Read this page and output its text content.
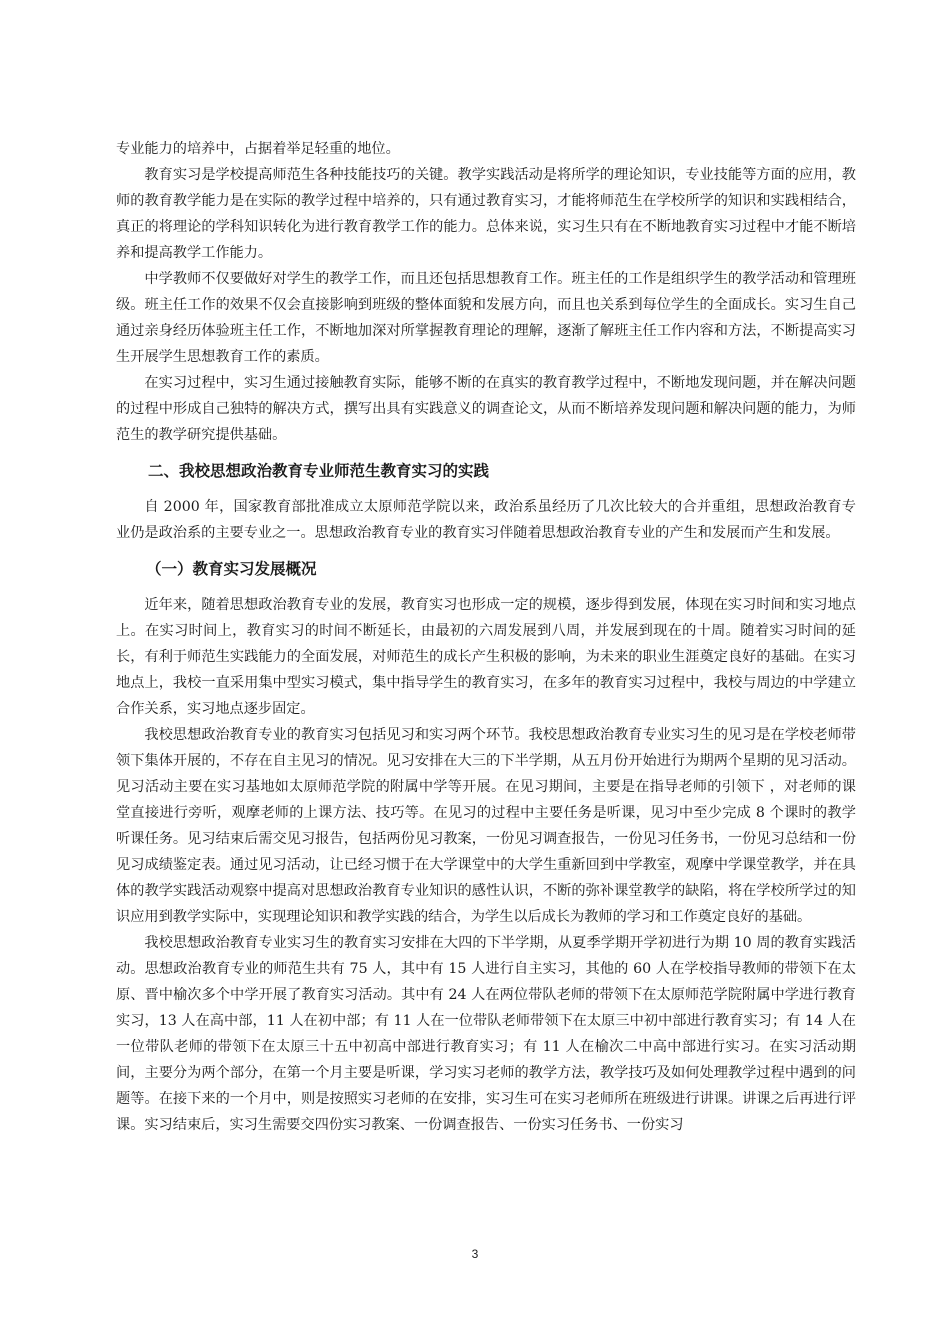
专业能力的培养中，占据着举足轻重的地位。

教育实习是学校提高师范生各种技能技巧的关键。教学实践活动是将所学的理论知识，专业技能等方面的应用，教师的教育教学能力是在实际的教学过程中培养的，只有通过教育实习，才能将师范生在学校所学的知识和实践相结合，真正的将理论的学科知识转化为进行教育教学工作的能力。总体来说，实习生只有在不断地教育实习过程中才能不断培养和提高教学工作能力。

中学教师不仅要做好对学生的教学工作，而且还包括思想教育工作。班主任的工作是组织学生的教学活动和管理班级。班主任工作的效果不仅会直接影响到班级的整体面貌和发展方向，而且也关系到每位学生的全面成长。实习生自己通过亲身经历体验班主任工作，不断地加深对所掌握教育理论的理解，逐渐了解班主任工作内容和方法，不断提高实习生开展学生思想教育工作的素质。

在实习过程中，实习生通过接触教育实际，能够不断的在真实的教育教学过程中，不断地发现问题，并在解决问题的过程中形成自己独特的解决方式，撰写出具有实践意义的调查论文，从而不断培养发现问题和解决问题的能力，为师范生的教学研究提供基础。

二、我校思想政治教育专业师范生教育实习的实践

自 2000 年，国家教育部批准成立太原师范学院以来，政治系虽经历了几次比较大的合并重组，思想政治教育专业仍是政治系的主要专业之一。思想政治教育专业的教育实习伴随着思想政治教育专业的产生和发展而产生和发展。

（一）教育实习发展概况

近年来，随着思想政治教育专业的发展，教育实习也形成一定的规模，逐步得到发展，体现在实习时间和实习地点上。在实习时间上，教育实习的时间不断延长，由最初的六周发展到八周，并发展到现在的十周。随着实习时间的延长，有利于师范生实践能力的全面发展，对师范生的成长产生积极的影响，为未来的职业生涯奠定良好的基础。在实习地点上，我校一直采用集中型实习模式，集中指导学生的教育实习，在多年的教育实习过程中，我校与周边的中学建立合作关系，实习地点逐步固定。

我校思想政治教育专业的教育实习包括见习和实习两个环节。我校思想政治教育专业实习生的见习是在学校老师带领下集体开展的，不存在自主见习的情况。见习安排在大三的下半学期，从五月份开始进行为期两个星期的见习活动。见习活动主要在实习基地如太原师范学院的附属中学等开展。在见习期间，主要是在指导老师的引领下 ，对老师的课堂直接进行旁听，观摩老师的上课方法、技巧等。在见习的过程中主要任务是听课，见习中至少完成 8 个课时的教学听课任务。见习结束后需交见习报告，包括两份见习教案，一份见习调查报告，一份见习任务书，一份见习总结和一份见习成绩鉴定表。通过见习活动，让已经习惯于在大学课堂中的大学生重新回到中学教室，观摩中学课堂教学，并在具体的教学实践活动观察中提高对思想政治教育专业知识的感性认识，不断的弥补课堂教学的缺陷，将在学校所学过的知识应用到教学实际中，实现理论知识和教学实践的结合，为学生以后成长为教师的学习和工作奠定良好的基础。

我校思想政治教育专业实习生的教育实习安排在大四的下半学期，从夏季学期开学初进行为期 10 周的教育实践活动。思想政治教育专业的师范生共有 75 人，其中有 15 人进行自主实习，其他的 60 人在学校指导教师的带领下在太原、晋中榆次多个中学开展了教育实习活动。其中有 24 人在两位带队老师的带领下在太原师范学院附属中学进行教育实习，13 人在高中部，11 人在初中部；有 11 人在一位带队老师带领下在太原三中初中部进行教育实习；有 14 人在一位带队老师的带领下在太原三十五中初高中部进行教育实习；有 11 人在榆次二中高中部进行实习。在实习活动期间，主要分为两个部分，在第一个月主要是听课，学习实习老师的教学方法，教学技巧及如何处理教学过程中遇到的问题等。在接下来的一个月中，则是按照实习老师的在安排，实习生可在实习老师所在班级进行讲课。讲课之后再进行评课。实习结束后，实习生需要交四份实习教案、一份调查报告、一份实习任务书、一份实习

3
